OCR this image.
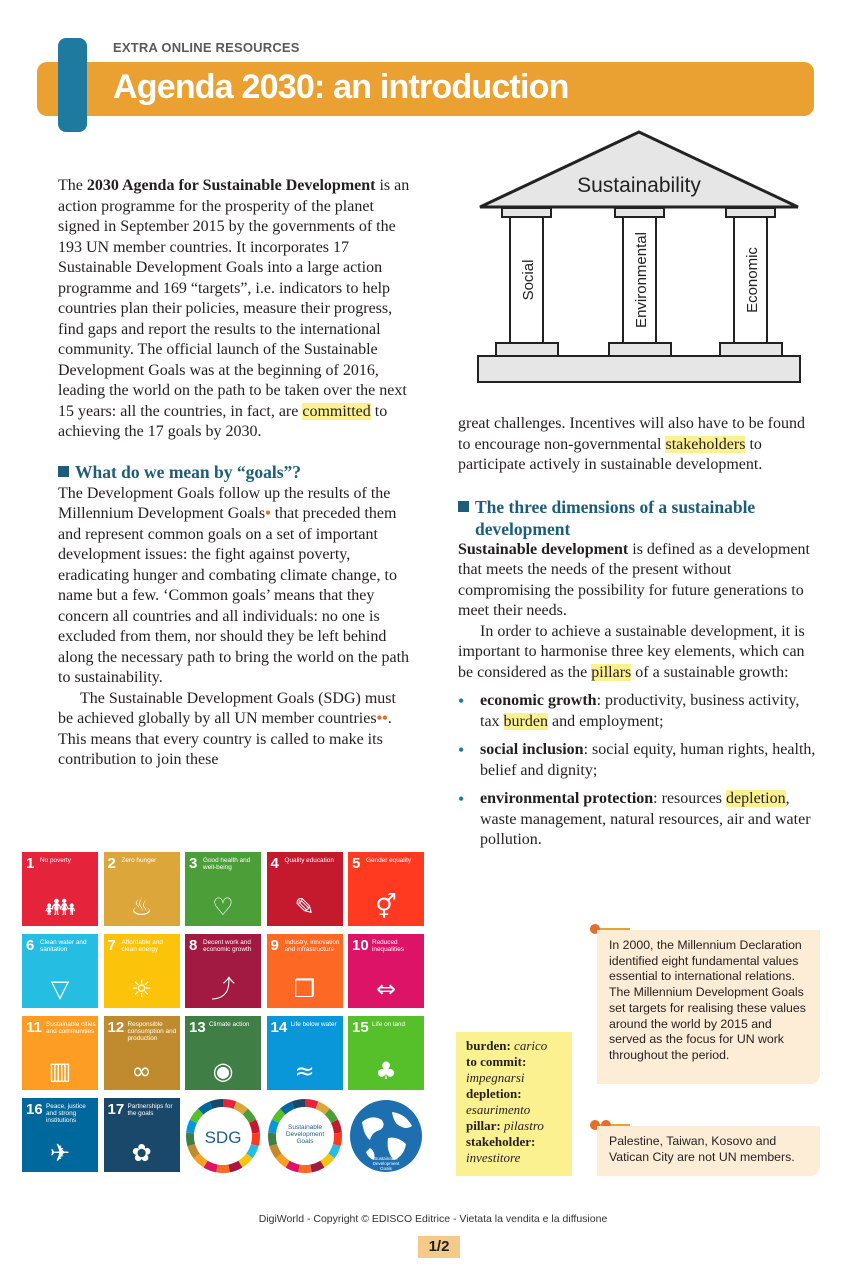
EXTRA ONLINE RESOURCES
Agenda 2030: an introduction

The 2030 Agenda for Sustainable Development is an action programme for the prosperity of the planet signed in September 2015 by the governments of the 193 UN member countries. It incorporates 17 Sustainable Development Goals into a large action programme and 169 “targets”, i.e. indicators to help countries plan their policies, measure their progress, find gaps and report the results to the international community. The official launch of the Sustainable Development Goals was at the beginning of 2016, leading the world on the path to be taken over the next 15 years: all the countries, in fact, are committed to achieving the 17 goals by 2030.

What do we mean by “goals”?

The Development Goals follow up the results of the Millennium Development Goals• that preceded them and represent common goals on a set of important development issues: the fight against poverty, eradicating hunger and combating climate change, to name but a few. ‘Common goals’ means that they concern all countries and all individuals: no one is excluded from them, nor should they be left behind along the necessary path to bring the world on the path to sustainability.

The Sustainable Development Goals (SDG) must be achieved globally by all UN member countries••. This means that every country is called to make its contribution to join these

Sustainability
Social	Environmental	Economic

great challenges. Incentives will also have to be found to encourage non-governmental stakeholders to participate actively in sustainable development.

The three dimensions of a sustainable development

Sustainable development is defined as a development that meets the needs of the present without compromising the possibility for future generations to meet their needs.

In order to achieve a sustainable development, it is important to harmonise three key elements, which can be considered as the pillars of a sustainable growth:

• economic growth: productivity, business activity, tax burden and employment;
• social inclusion: social equity, human rights, health, belief and dignity;
• environmental protection: resources depletion, waste management, natural resources, air and water pollution.
1 No poverty
👪︎
2 Zero hunger
♨
3 Good health and well-being
♡
4 Quality education
✎
5 Gender equality
⚥
6 Clean water and sanitation
▽
7 Affordable and clean energy
☼
8 Decent work and economic growth
⤴
9 Industry, innovation and infrastructure
❒
10 Reduced inequalities
⇔
11 Sustainable cities and communities
▥
12 Responsible consumption and production
∞
13 Climate action
◉
14 Life below water
≈
15 Life on land
♣
16 Peace, justice and strong institutions
✈
17 Partnerships for the goals
✿
SDG
Sustainable Development Goals
Sustainable Development Goals
burden: carico
to commit:
impegnarsi
depletion:
esaurimento
pillar: pilastro
stakeholder:
investitore
In 2000, the Millennium Declaration identified eight fundamental values essential to international relations. The Millennium Development Goals set targets for realising these values around the world by 2015 and served as the focus for UN work throughout the period.
Palestine, Taiwan, Kosovo and Vatican City are not UN members.
DigiWorld - Copyright © EDISCO Editrice - Vietata la vendita e la diffusione
1/2
